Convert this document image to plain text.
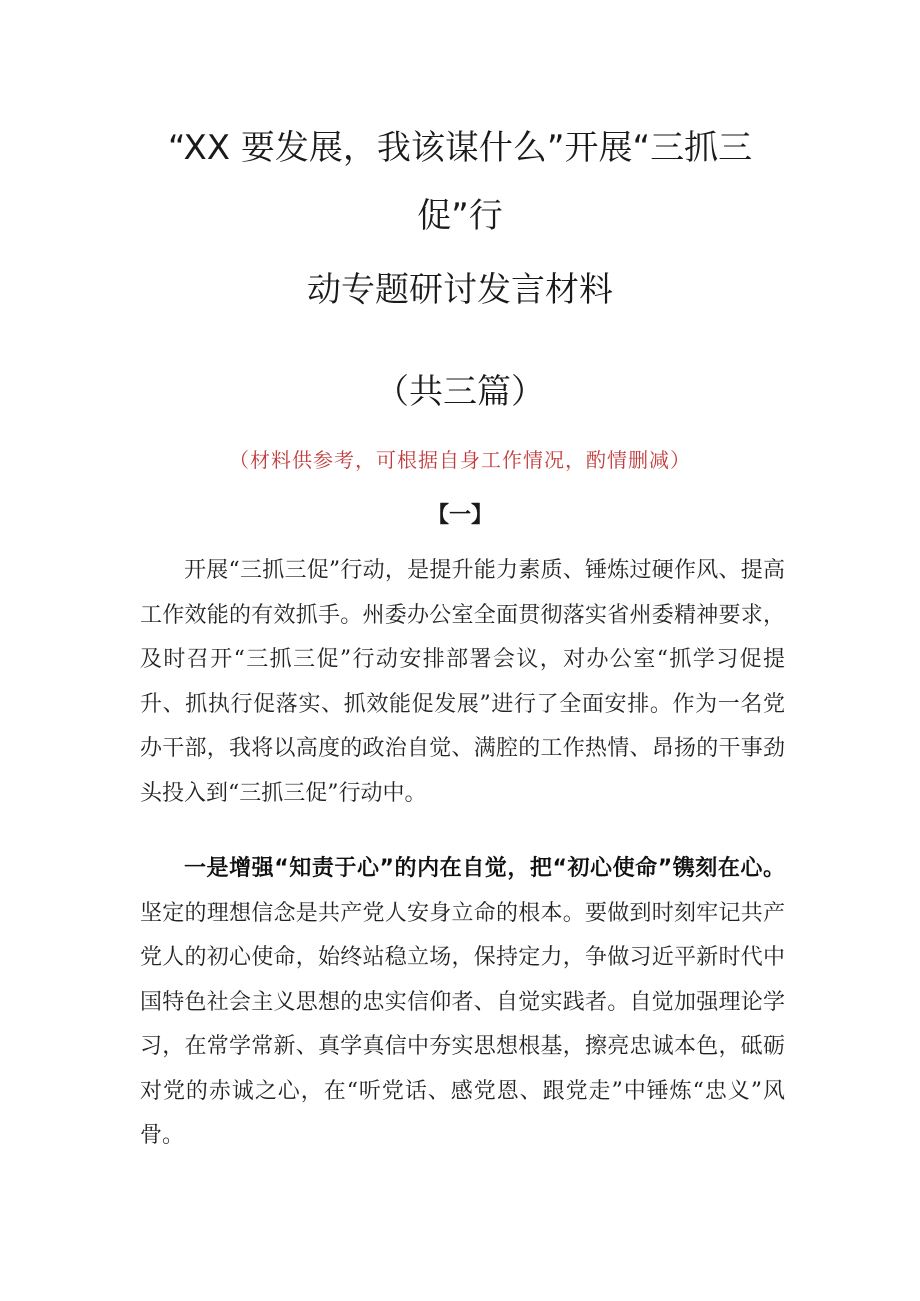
“XX 要发展，我该谋什么”开展“三抓三
促”行
动专题研讨发言材料
（共三篇）
（材料供参考，可根据自身工作情况，酌情删减）
【一】

开展“三抓三促”行动，是提升能力素质、锤炼过硬作风、提高工作效能的有效抓手。州委办公室全面贯彻落实省州委精神要求，及时召开“三抓三促”行动安排部署会议，对办公室“抓学习促提升、抓执行促落实、抓效能促发展”进行了全面安排。作为一名党办干部，我将以高度的政治自觉、满腔的工作热情、昂扬的干事劲头投入到“三抓三促”行动中。

一是增强“知责于心”的内在自觉，把“初心使命”镌刻在心。坚定的理想信念是共产党人安身立命的根本。要做到时刻牢记共产党人的初心使命，始终站稳立场，保持定力，争做习近平新时代中国特色社会主义思想的忠实信仰者、自觉实践者。自觉加强理论学习，在常学常新、真学真信中夯实思想根基，擦亮忠诚本色，砥砺对党的赤诚之心，在“听党话、感党恩、跟党走”中锤炼“忠义”风骨。
